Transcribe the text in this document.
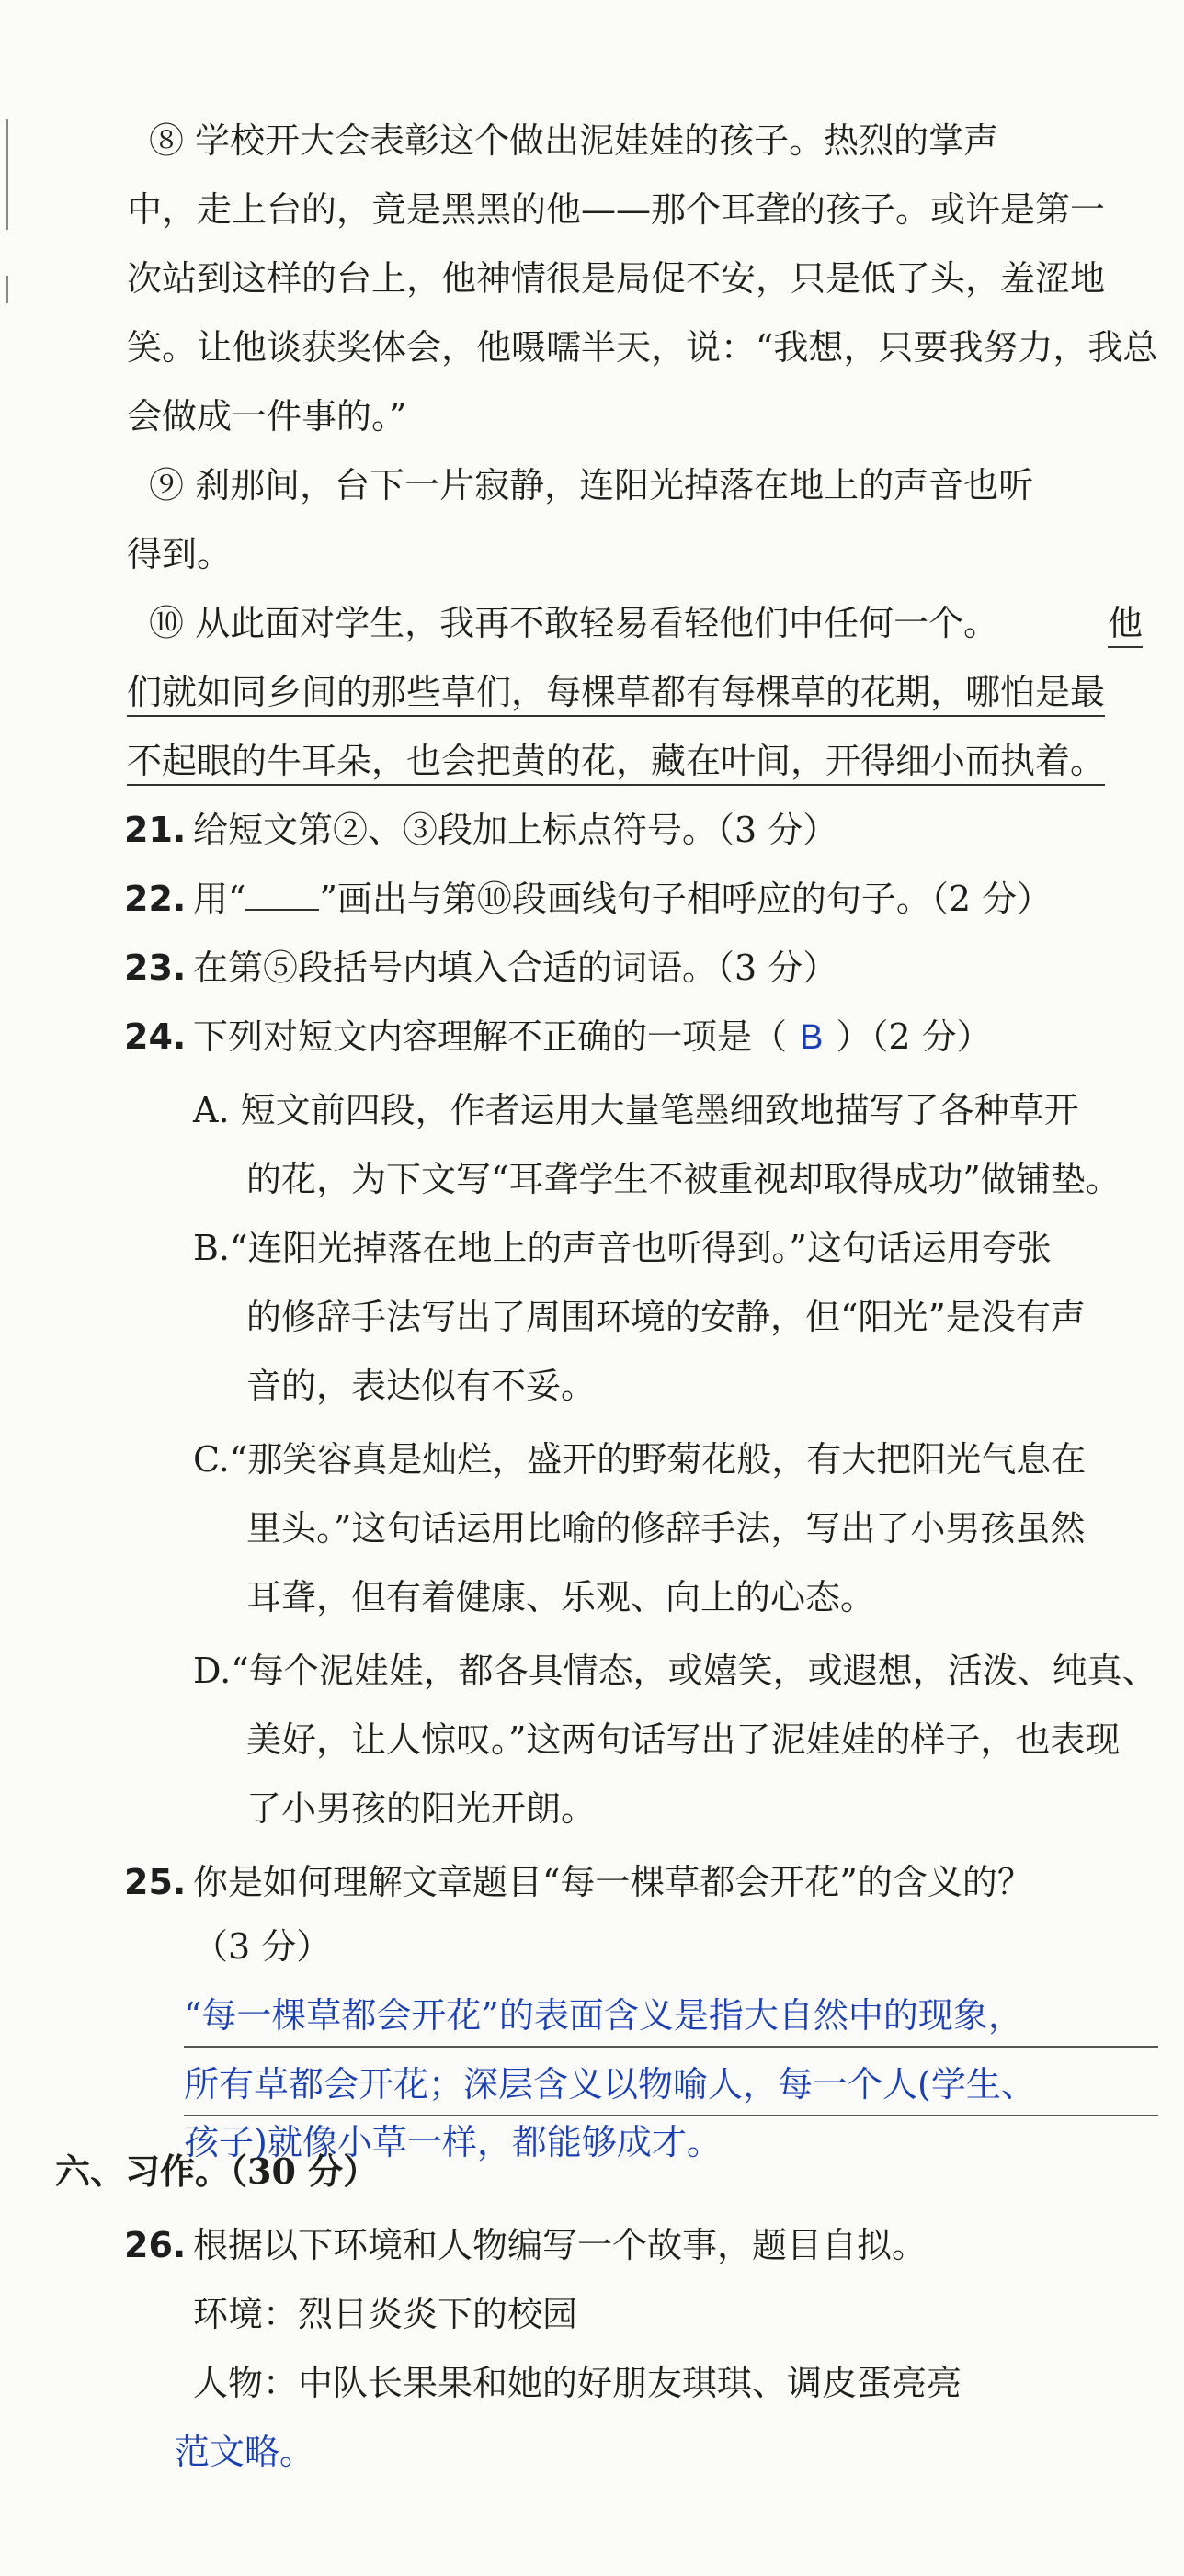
⑧ 学校开大会表彰这个做出泥娃娃的孩子。热烈的掌声
中，走上台的，竟是黑黑的他——那个耳聋的孩子。或许是第一
次站到这样的台上，他神情很是局促不安，只是低了头，羞涩地
笑。让他谈获奖体会，他嗫嚅半天，说：“我想，只要我努力，我总
会做成一件事的。”
⑨ 刹那间，台下一片寂静，连阳光掉落在地上的声音也听
得到。
⑩ 从此面对学生，我再不敢轻易看轻他们中任何一个。	他
们就如同乡间的那些草们，每棵草都有每棵草的花期，哪怕是最
不起眼的牛耳朵，也会把黄的花，藏在叶间，开得细小而执着。
21. 给短文第②、③段加上标点符号。（3 分）
22. 用“ ”画出与第⑩段画线句子相呼应的句子。（2 分）
23. 在第⑤段括号内填入合适的词语。（3 分）
24. 下列对短文内容理解不正确的一项是（ B ）（2 分）
A. 短文前四段，作者运用大量笔墨细致地描写了各种草开
的花，为下文写“耳聋学生不被重视却取得成功”做铺垫。
B.“连阳光掉落在地上的声音也听得到。”这句话运用夸张
的修辞手法写出了周围环境的安静，但“阳光”是没有声
音的，表达似有不妥。
C.“那笑容真是灿烂，盛开的野菊花般，有大把阳光气息在
里头。”这句话运用比喻的修辞手法，写出了小男孩虽然
耳聋，但有着健康、乐观、向上的心态。
D.“每个泥娃娃，都各具情态，或嬉笑，或遐想，活泼、纯真、
美好，让人惊叹。”这两句话写出了泥娃娃的样子，也表现
了小男孩的阳光开朗。
25. 你是如何理解文章题目“每一棵草都会开花”的含义的？
（3 分）
“每一棵草都会开花”的表面含义是指大自然中的现象，
所有草都会开花；深层含义以物喻人，每一个人(学生、
孩子)就像小草一样，都能够成才。
六、习作。（30 分）
26. 根据以下环境和人物编写一个故事，题目自拟。
环境：烈日炎炎下的校园
人物：中队长果果和她的好朋友琪琪、调皮蛋亮亮
范文略。
